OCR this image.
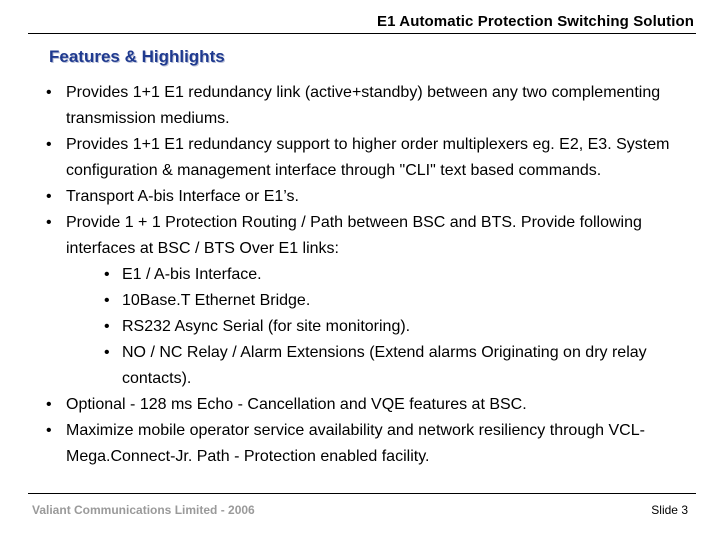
E1 Automatic Protection Switching Solution
Features & Highlights
• Provides 1+1 E1 redundancy link (active+standby) between any two complementing transmission mediums.
• Provides 1+1 E1 redundancy support to higher order multiplexers eg. E2, E3. System configuration & management interface through "CLI" text based commands.
• Transport A-bis Interface or E1’s.
• Provide 1 + 1 Protection Routing / Path between BSC and BTS. Provide following interfaces at BSC / BTS Over E1 links:
• E1 / A-bis Interface.
• 10Base.T Ethernet Bridge.
• RS232 Async Serial (for site monitoring).
• NO / NC Relay / Alarm Extensions (Extend alarms Originating on dry relay contacts).
• Optional - 128 ms Echo - Cancellation and VQE features at BSC.
• Maximize mobile operator service availability and network resiliency through VCL-Mega.Connect-Jr. Path - Protection enabled facility.
Valiant Communications Limited - 2006	Slide 3
